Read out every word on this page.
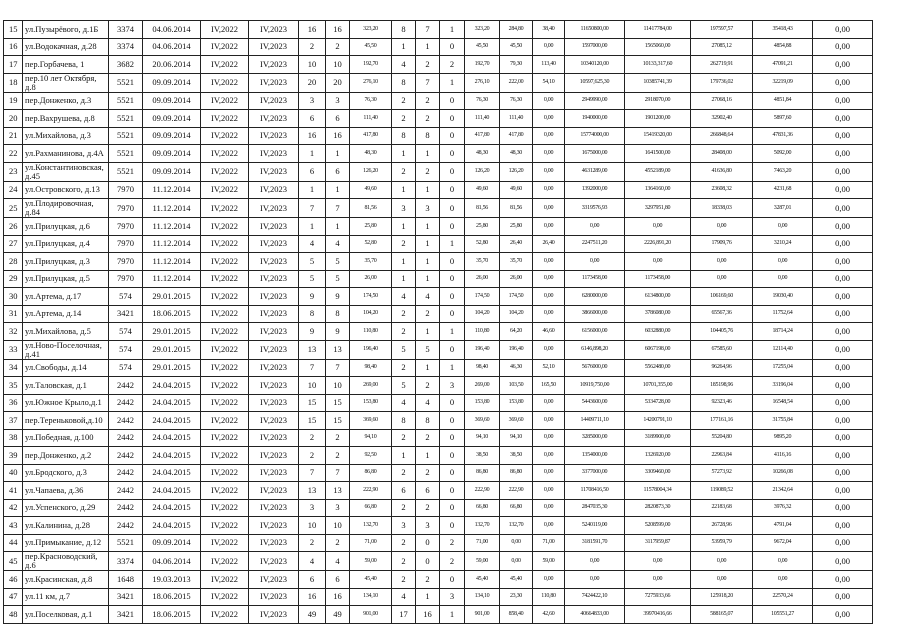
15	ул.Пузырёвого, д.1Б	3374	04.06.2014	IV,2022	IV,2023	16	16	323,20	8	7	1	323,20	284,80	38,40	11650800,00	11417784,00	197597,57	35418,43	0,00
16	ул.Водокачная, д.28	3374	04.06.2014	IV,2022	IV,2023	2	2	45,50	1	1	0	45,50	45,50	0,00	1597000,00	1565060,00	27085,12	4854,88	0,00
17	пер.Горбачева, 1	3682	20.06.2014	IV,2022	IV,2023	10	10	192,70	4	2	2	192,70	79,30	113,40	10340120,00	10133,317,60	262719,91	47091,21	0,00
18	пер.10 лет Октября, д.8	5521	09.09.2014	IV,2022	IV,2023	20	20	276,10	8	7	1	276,10	222,00	54,10	10597,625,30	10385741,39	179736,02	32219,09	0,00
19	пер.Донженко, д.3	5521	09.09.2014	IV,2022	IV,2023	3	3	76,30	2	2	0	76,30	76,30	0,00	2949990,00	2918070,00	27068,16	4851,84	0,00
20	пер.Вахрушева, д.8	5521	09.09.2014	IV,2022	IV,2023	6	6	111,40	2	2	0	111,40	111,40	0,00	1940000,00	1901200,00	32902,40	5897,60	0,00
21	ул.Михайлова, д.3	5521	09.09.2014	IV,2022	IV,2023	16	16	417,80	8	8	0	417,80	417,80	0,00	15774000,00	15419320,00	266848,64	47831,36	0,00
22	ул.Рахманинова, д.4А	5521	09.09.2014	IV,2022	IV,2023	1	1	48,30	1	1	0	48,30	48,30	0,00	1675000,00	1641500,00	28408,00	5092,00	0,00
23	ул.Константиновская, д.45	5521	09.09.2014	IV,2022	IV,2023	6	6	126,20	2	2	0	126,20	126,20	0,00	4631289,00	4552189,00	41636,80	7463,20	0,00
24	ул.Островского, д.13	7970	11.12.2014	IV,2022	IV,2023	1	1	49,60	1	1	0	49,60	49,60	0,00	1392000,00	1364160,00	23608,32	4231,68	0,00
25	ул.Плодировочная, д.84	7970	11.12.2014	IV,2022	IV,2023	7	7	81,56	3	3	0	81,56	81,56	0,00	3319576,93	3297951,80	18338,03	3287,01	0,00
26	ул.Прилуцкая, д.6	7970	11.12.2014	IV,2022	IV,2023	1	1	25,80	1	1	0	25,80	25,80	0,00	0,00	0,00	0,00	0,00	0,00
27	ул.Прилуцкая, д.4	7970	11.12.2014	IV,2022	IV,2023	4	4	52,80	2	1	1	52,80	26,40	26,40	2247511,20	2226,891,20	17909,76	3210,24	0,00
28	ул.Прилуцкая, д.3	7970	11.12.2014	IV,2022	IV,2023	5	5	35,70	1	1	0	35,70	35,70	0,00	0,00	0,00	0,00	0,00	0,00
29	ул.Прилуцкая, д.5	7970	11.12.2014	IV,2022	IV,2023	5	5	26,00	1	1	0	26,00	26,00	0,00	1173458,00	1173458,00	0,00	0,00	0,00
30	ул.Артема, д.17	574	29.01.2015	IV,2022	IV,2023	9	9	174,50	4	4	0	174,50	174,50	0,00	6280000,00	6134800,00	106169,60	19030,40	0,00
31	ул.Артема, д.14	3421	18.06.2015	IV,2022	IV,2023	8	8	104,20	2	2	0	104,20	104,20	0,00	3866000,00	3786080,00	65567,36	11752,64	0,00
32	ул.Михайлова, д.5	574	29.01.2015	IV,2022	IV,2023	9	9	110,80	2	1	1	110,80	64,20	46,60	6156000,00	6032880,00	104405,76	18714,24	0,00
33	ул.Ново-Поселочная, д.41	574	29.01.2015	IV,2022	IV,2023	13	13	196,40	5	5	0	196,40	196,40	0,00	6146,898,20	6067198,00	67585,60	12114,40	0,00
34	ул.Свободы, д.14	574	29.01.2015	IV,2022	IV,2023	7	7	98,40	2	1	1	98,40	46,30	52,10	5676000,00	5562480,00	96264,96	17255,04	0,00
35	ул.Таловская, д.1	2442	24.04.2015	IV,2022	IV,2023	10	10	269,00	5	2	3	269,00	103,50	165,50	10919,750,00	10701,355,00	185198,96	33196,04	0,00
36	ул.Южное Крыло,д.1	2442	24.04.2015	IV,2022	IV,2023	15	15	153,80	4	4	0	153,80	153,80	0,00	5443600,00	5334728,00	92323,46	16548,54	0,00
37	пер.Тереньковой,д.10	2442	24.04.2015	IV,2022	IV,2023	15	15	369,60	8	8	0	369,60	369,60	0,00	14409711,10	14200791,10	177161,16	31755,84	0,00
38	ул.Победная, д.100	2442	24.04.2015	IV,2022	IV,2023	2	2	94,10	2	2	0	94,10	94,10	0,00	3285000,00	3189900,00	55204,80	9895,20	0,00
39	пер.Донженко, д.2	2442	24.04.2015	IV,2022	IV,2023	2	2	92,50	1	1	0	38,50	38,50	0,00	1354000,00	1326920,00	22963,84	4116,16	0,00
40	ул.Бродского, д.3	2442	24.04.2015	IV,2022	IV,2023	7	7	86,80	2	2	0	86,80	86,80	0,00	3377000,00	3309460,00	57273,92	10266,08	0,00
41	ул.Чапаева, д.36	2442	24.04.2015	IV,2022	IV,2023	13	13	222,90	6	6	0	222,90	222,90	0,00	11708416,50	11578004,34	119089,52	21342,64	0,00
42	ул.Успенского, д.29	2442	24.04.2015	IV,2022	IV,2023	3	3	66,80	2	2	0	66,80	66,80	0,00	2847035,30	2820873,30	22183,68	3976,32	0,00
43	ул.Калинина, д.28	2442	24.04.2015	IV,2022	IV,2023	10	10	132,70	3	3	0	132,70	132,70	0,00	5240119,00	5208599,00	26728,96	4791,04	0,00
44	ул.Примыкание, д.12	5521	09.09.2014	IV,2022	IV,2023	2	2	71,00	2	0	2	71,00	0,00	71,00	3181591,70	3117959,87	53959,79	9672,04	0,00
45	пер.Красноводский, д.6	3374	04.06.2014	IV,2022	IV,2023	4	4	59,00	2	0	2	59,00	0,00	59,00	0,00	0,00	0,00	0,00	0,00
46	ул.Красинская, д.8	1648	19.03.2013	IV,2022	IV,2023	6	6	45,40	2	2	0	45,40	45,40	0,00	0,00	0,00	0,00	0,00	0,00
47	ул.11 км, д.7	3421	18.06.2015	IV,2022	IV,2023	16	16	134,10	4	1	3	134,10	23,30	110,80	7424422,10	7275933,66	125918,20	22570,24	0,00
48	ул.Поселковая, д.1	3421	18.06.2015	IV,2022	IV,2023	49	49	901,00	17	16	1	901,00	858,40	42,60	40664833,00	39970416,66	588165,07	105551,27	0,00
